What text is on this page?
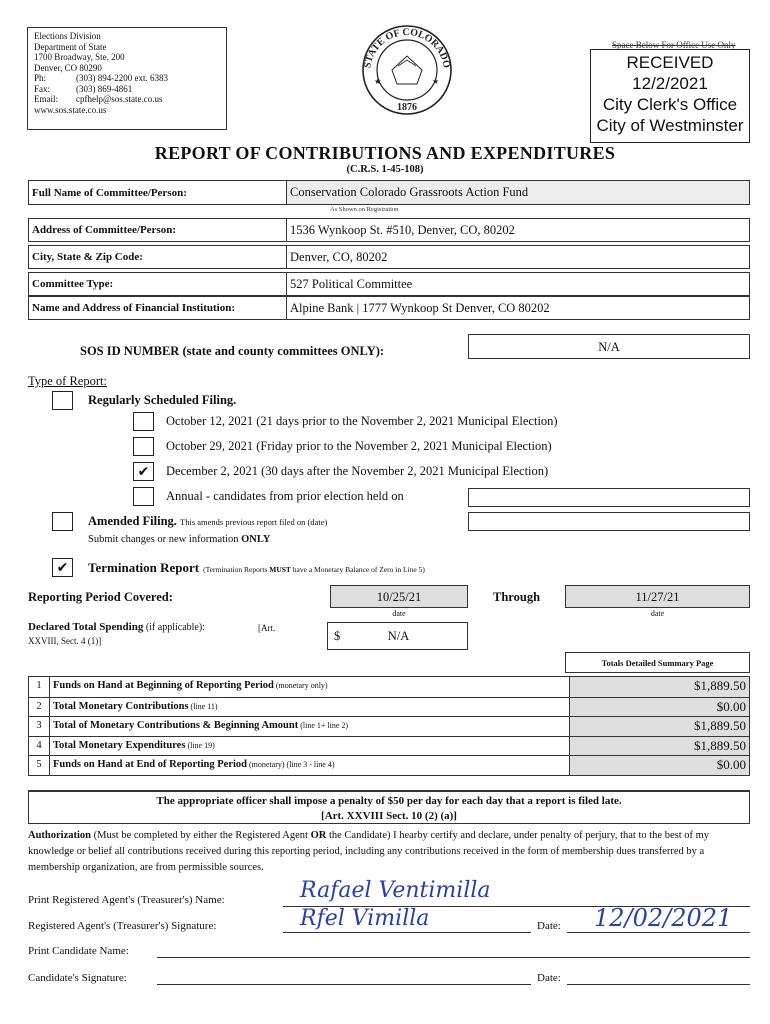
Elections Division
Department of State
1700 Broadway, Ste. 200
Denver, CO 80290
Ph:	(303) 894-2200 ext. 6383
Fax:	(303) 869-4861
Email: cpfhelp@sos.state.co.us
www.sos.state.co.us
STATE OF COLORADO
★	★
1876
Space Below For Office Use Only
RECEIVED
12/2/2021
City Clerk's Office
City of Westminster
REPORT OF CONTRIBUTIONS AND EXPENDITURES
(C.R.S. 1-45-108)
Full Name of Committee/Person:	Conservation Colorado Grassroots Action Fund
As Shown on Registration
Address of Committee/Person:	1536 Wynkoop St. #510, Denver, CO, 80202
City, State & Zip Code:	Denver, CO, 80202
Committee Type:	527 Political Committee
Name and Address of Financial Institution:	Alpine Bank | 1777 Wynkoop St Denver, CO 80202
SOS ID NUMBER (state and county committees ONLY):	N/A
Type of Report:
Regularly Scheduled Filing.
October 12, 2021 (21 days prior to the November 2, 2021 Municipal Election)
October 29, 2021 (Friday prior to the November 2, 2021 Municipal Election)
✔	December 2, 2021 (30 days after the November 2, 2021 Municipal Election)
Annual - candidates from prior election held on
Amended Filing. This amends previous report filed on (date)
Submit changes or new information ONLY
✔	Termination Report (Termination Reports MUST have a Monetary Balance of Zero in Line 5)
Reporting Period Covered:	10/25/21
date
Through	11/27/21
date
Declared Total Spending (if applicable):	[Art.
XXVIII, Sect. 4 (1)]	$	N/A
Totals Detailed Summary Page
1	Funds on Hand at Beginning of Reporting Period (monetary only)	$1,889.50
2	Total Monetary Contributions (line 11)	$0.00
3	Total of Monetary Contributions & Beginning Amount (line 1+ line 2)	$1,889.50
4	Total Monetary Expenditures (line 19)	$1,889.50
5	Funds on Hand at End of Reporting Period (monetary) (line 3 - line 4)	$0.00
The appropriate officer shall impose a penalty of $50 per day for each day that a report is filed late.
[Art. XXVIII Sect. 10 (2) (a)]
Authorization (Must be completed by either the Registered Agent OR the Candidate) I hearby certify and declare, under penalty of perjury, that to the best of my knowledge or belief all contributions received during this reporting period, including any contributions received in the form of membership dues transferred by a membership organization, are from permissible sources.
Print Registered Agent's (Treasurer's) Name:	Rafael Ventimilla
Registered Agent's (Treasurer's) Signature:	Rfel Vimilla	Date: 12/02/2021
Print Candidate Name:
Candidate's Signature:	Date:
